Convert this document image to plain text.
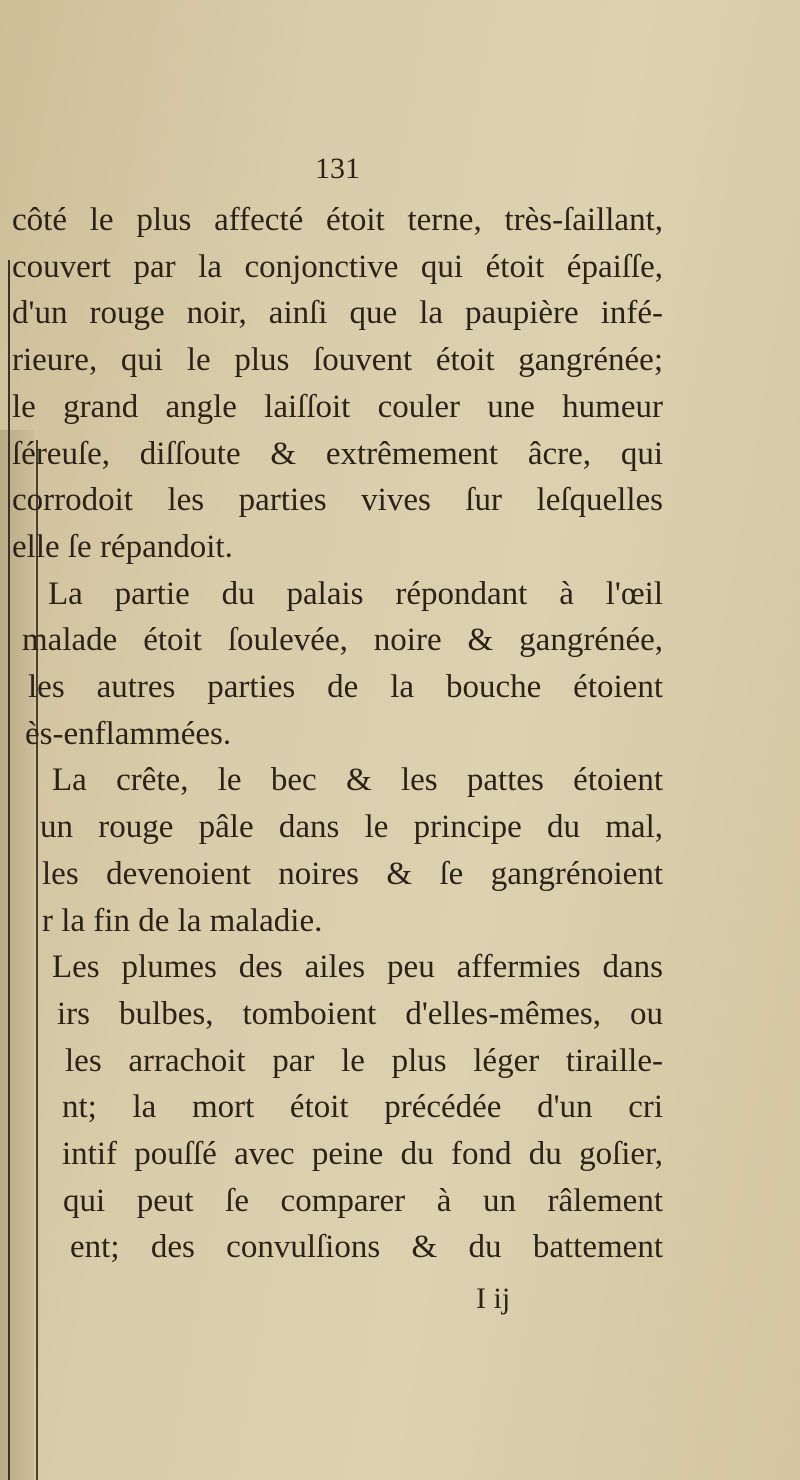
131
côté le plus affecté étoit terne, très-ſaillant,
couvert par la conjonctive qui étoit épaiſſe,
d'un rouge noir, ainſi que la paupière infé-
rieure, qui le plus ſouvent étoit gangrénée;
le grand angle laiſſoit couler une humeur
ſéreuſe, diſſoute & extrêmement âcre, qui
corrodoit les parties vives ſur leſquelles
elle ſe répandoit.
La partie du palais répondant à l'œil
malade étoit ſoulevée, noire & gangrénée,
les autres parties de la bouche étoient
ès-enflammées.
La crête, le bec & les pattes étoient
un rouge pâle dans le principe du mal,
les devenoient noires & ſe gangrénoient
r la fin de la maladie.
Les plumes des ailes peu affermies dans
irs bulbes, tomboient d'elles-mêmes, ou
les arrachoit par le plus léger tiraille-
nt; la mort étoit précédée d'un cri
intif pouſſé avec peine du fond du goſier,
qui peut ſe comparer à un râlement
ent; des convulſions & du battement
I ij
